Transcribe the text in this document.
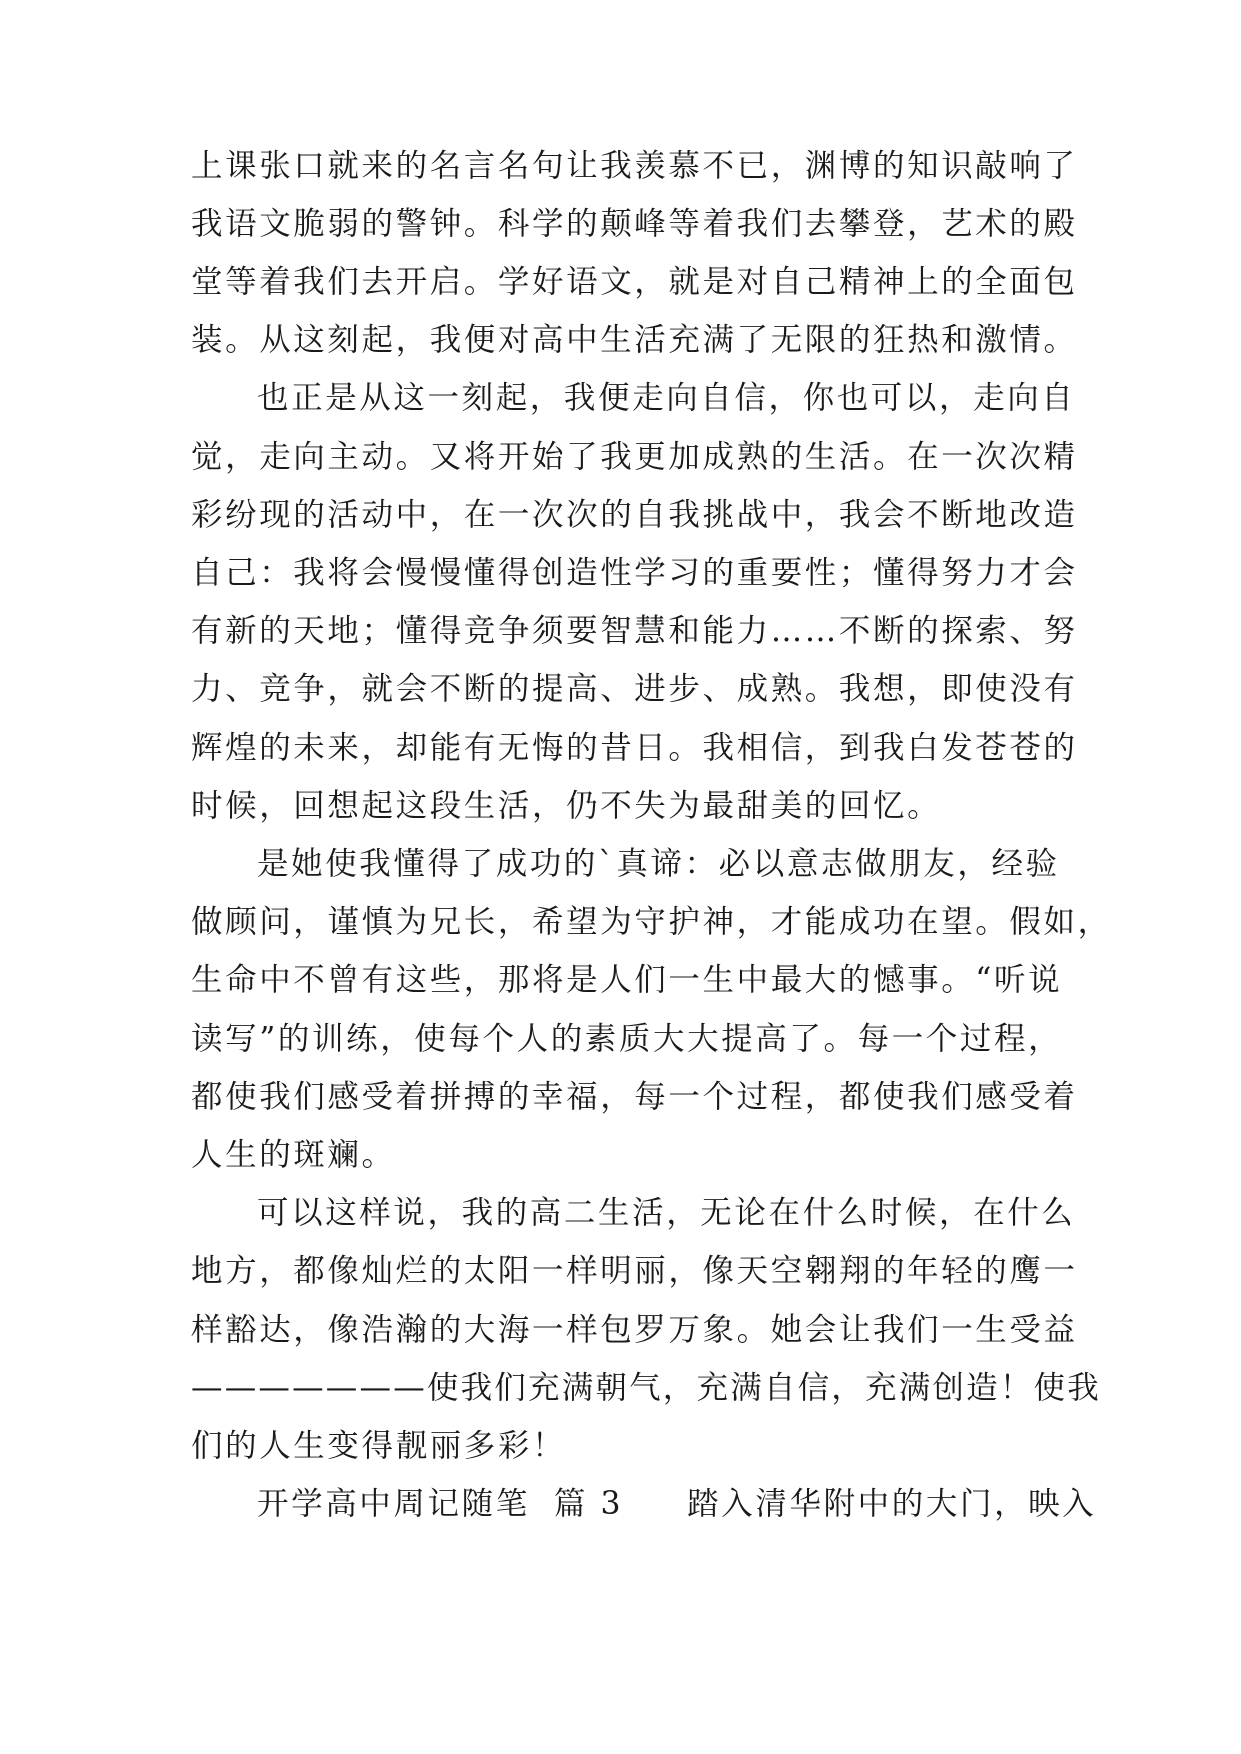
上课张口就来的名言名句让我羡慕不已，渊博的知识敲响了
我语文脆弱的警钟。科学的颠峰等着我们去攀登，艺术的殿
堂等着我们去开启。学好语文，就是对自己精神上的全面包
装。从这刻起，我便对高中生活充满了无限的狂热和激情。
也正是从这一刻起，我便走向自信，你也可以，走向自
觉，走向主动。又将开始了我更加成熟的生活。在一次次精
彩纷现的活动中，在一次次的自我挑战中，我会不断地改造
自己：我将会慢慢懂得创造性学习的重要性；懂得努力才会
有新的天地；懂得竞争须要智慧和能力……不断的探索、努
力、竞争，就会不断的提高、进步、成熟。我想，即使没有
辉煌的未来，却能有无悔的昔日。我相信，到我白发苍苍的
时候，回想起这段生活，仍不失为最甜美的回忆。
是她使我懂得了成功的`真谛：必以意志做朋友，经验
做顾问，谨慎为兄长，希望为守护神，才能成功在望。假如，
生命中不曾有这些，那将是人们一生中最大的憾事。“听说
读写”的训练，使每个人的素质大大提高了。每一个过程，
都使我们感受着拼搏的幸福，每一个过程，都使我们感受着
人生的斑斓。
可以这样说，我的高二生活，无论在什么时候，在什么
地方，都像灿烂的太阳一样明丽，像天空翱翔的年轻的鹰一
样豁达，像浩瀚的大海一样包罗万象。她会让我们一生受益
———————使我们充满朝气，充满自信，充满创造！使我
们的人生变得靓丽多彩！
开学高中周记随笔 篇 3 踏入清华附中的大门，映入
